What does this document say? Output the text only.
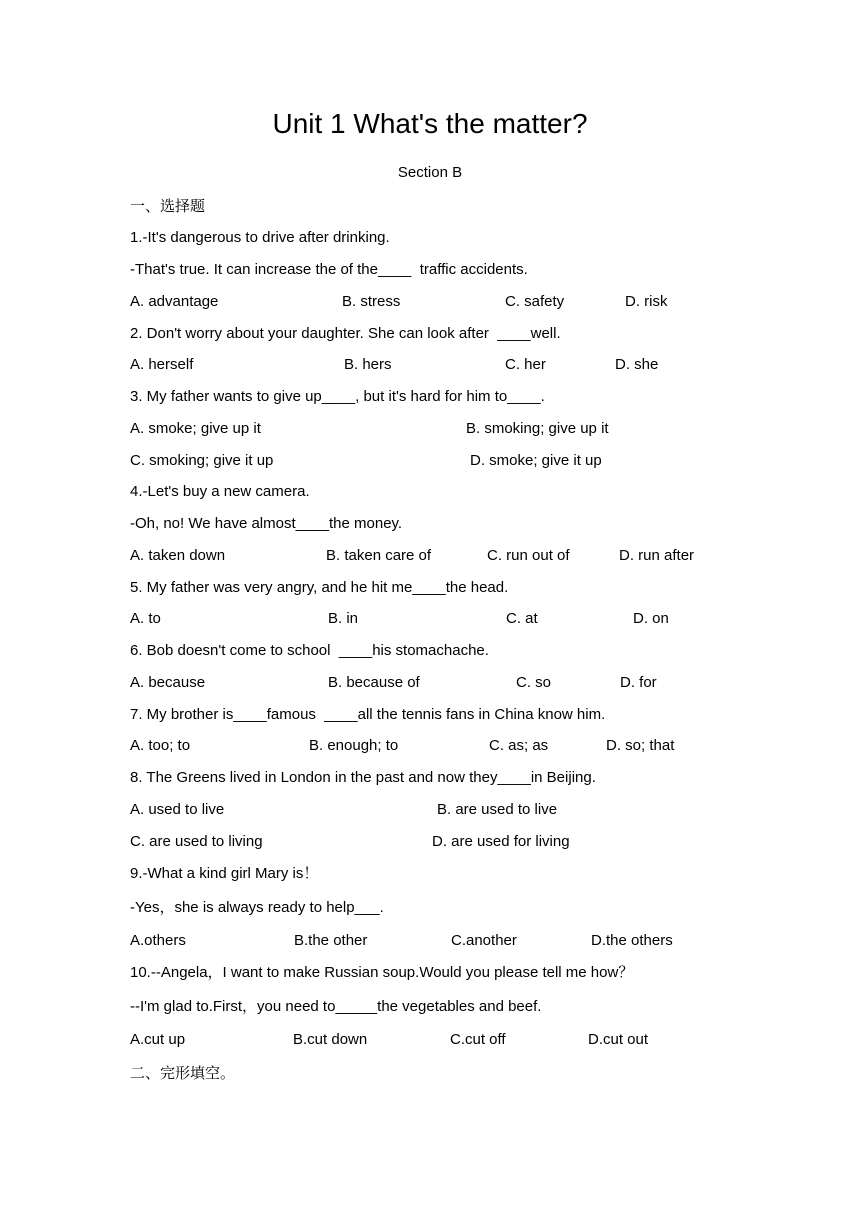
Unit 1 What's the matter?
Section B
一、选择题
1.-It's dangerous to drive after drinking.
-That's true. It can increase the of the____  traffic accidents.
A. advantage	B. stress	C. safety	D. risk
2. Don't worry about your daughter. She can look after  ____well.
A. herself	B. hers	C. her	D. she
3. My father wants to give up____, but it's hard for him to____.
A. smoke; give up it	B. smoking; give up it
C. smoking; give it up	D. smoke; give it up
4.-Let's buy a new camera.
-Oh, no! We have almost____the money.
A. taken down	B. taken care of	C. run out of	D. run after
5. My father was very angry, and he hit me____the head.
A. to	B. in	C. at	D. on
6. Bob doesn't come to school  ____his stomachache.
A. because	B. because of	C. so	D. for
7. My brother is____famous  ____all the tennis fans in China know him.
A. too; to	B. enough; to	C. as; as	D. so; that
8. The Greens lived in London in the past and now they____in Beijing.
A. used to live	B. are used to live
C. are used to living	D. are used for living
9.-What a kind girl Mary is！
-Yes，she is always ready to help___.
A.others	B.the other	C.another	D.the others
10.--Angela，I want to make Russian soup.Would you please tell me how？
--I'm glad to.First，you need to_____the vegetables and beef.
A.cut up	B.cut down	C.cut off	D.cut out
二、完形填空。
